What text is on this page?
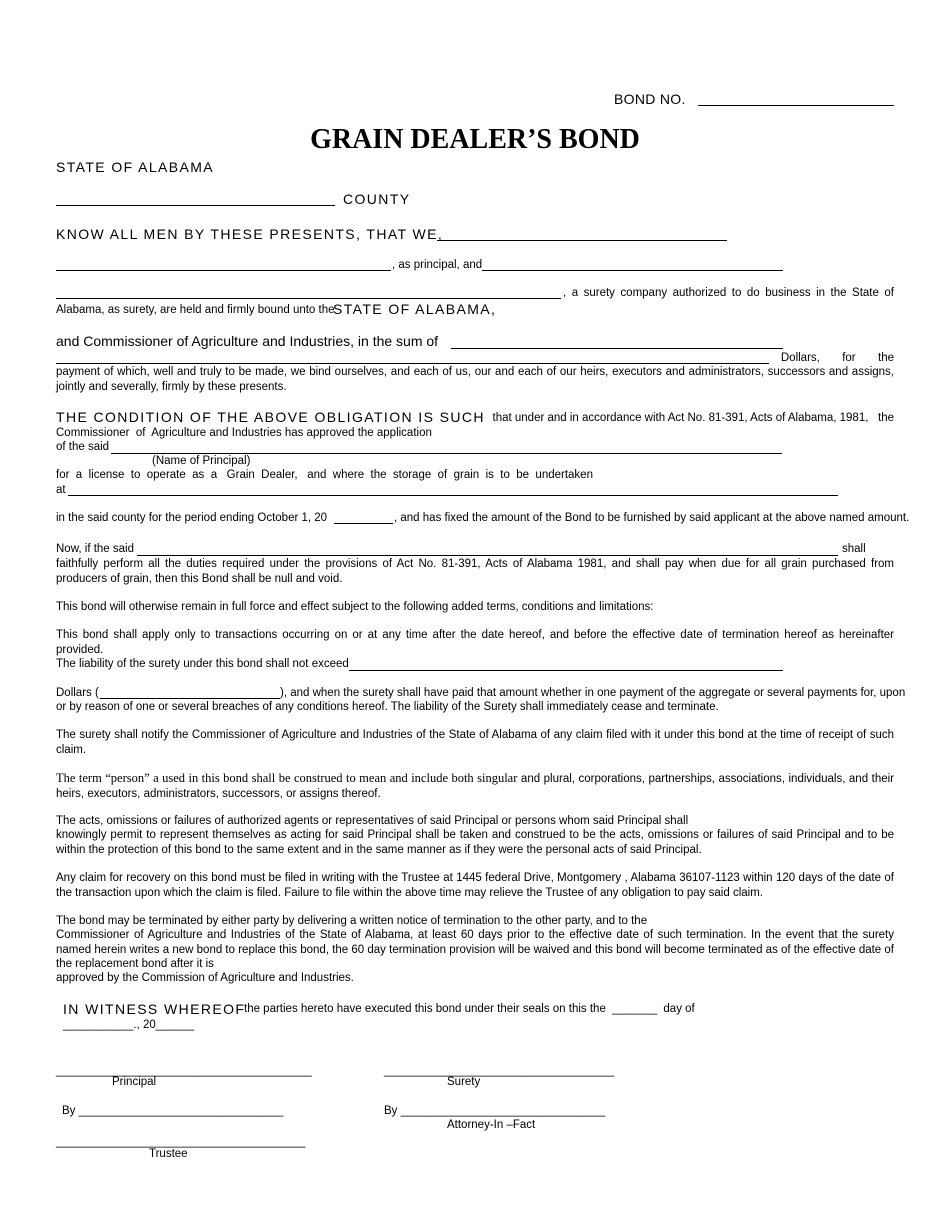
BOND NO.
GRAIN DEALER’S BOND
STATE OF ALABAMA
COUNTY
KNOW ALL MEN BY THESE PRESENTS, THAT WE,
, as principal, and
, a surety company authorized to do business in the State of
Alabama, as surety, are held and firmly bound unto the
STATE OF ALABAMA,
and Commissioner of Agriculture and Industries, in the sum of
Dollars,       for       the
payment of which, well and truly to be made, we bind ourselves, and each of us, our and each of our heirs, executors and administrators, successors and assigns, jointly and severally, firmly by these presents.
THE CONDITION OF THE ABOVE OBLIGATION IS SUCH that under and in accordance with Act No. 81-391, Acts of Alabama, 1981,   the
Commissioner  of  Agriculture and Industries has approved the application
of the said
(Name of Principal)
for  a  license  to  operate  as  a   Grain  Dealer,   and  where  the  storage  of  grain  is  to  be  undertaken
at
in the said county for the period ending October 1, 20	, and has fixed the amount of the Bond to be furnished by said applicant at the above named amount.
Now, if the said	shall
faithfully perform all the duties required under the provisions of Act No. 81-391, Acts of Alabama 1981, and shall pay when due for all grain purchased from producers of grain, then this Bond shall be null and void.
This bond will otherwise remain in full force and effect subject to the following added terms, conditions and limitations:
This bond shall apply only to transactions occurring on or at any time after the date hereof, and before the effective date of termination hereof as hereinafter provided.
The liability of the surety under this bond shall not exceed
Dollars (	), and when the surety shall have paid that amount whether in one payment of the aggregate or several payments for, upon
or by reason of one or several breaches of any conditions hereof. The liability of the Surety shall immediately cease and terminate.
The surety shall notify the Commissioner of Agriculture and Industries of the State of Alabama of any claim filed with it under this bond at the time of receipt of such claim.
The term “person” a used in this bond shall be construed to mean and include both singular and plural, corporations, partnerships, associations, individuals, and their heirs, executors, administrators, successors, or assigns thereof.
The acts, omissions or failures of authorized agents or representatives of said Principal or persons whom said Principal shall
knowingly permit to represent themselves as acting for said Principal shall be taken and construed to be the acts, omissions or failures of said Principal and to be within the protection of this bond to the same extent and in the same manner as if they were the personal acts of said Principal.
Any claim for recovery on this bond must be filed in writing with the Trustee at 1445 federal Drive, Montgomery , Alabama 36107-1123 within 120 days of the date of the transaction upon which the claim is filed. Failure to file within the above time may relieve the Trustee of any obligation to pay said claim.
The bond may be terminated by either party by delivering a written notice of termination to the other party, and to the
Commissioner of Agriculture and Industries of the State of Alabama, at least 60 days prior to the effective date of such termination. In the event that the surety named herein writes a new bond to replace this bond, the 60 day termination provision will be waived and this bond will become terminated as of the effective date of the replacement bond after it is
approved by the Commission of Agriculture and Industries.
IN WITNESS WHEREOF
the parties hereto have executed this bond under their seals on this the  _______  day of
___________., 20______
________________________________________
Principal
____________________________________
Surety
By ________________________________	By ________________________________
Attorney-In –Fact
_______________________________________
Trustee
